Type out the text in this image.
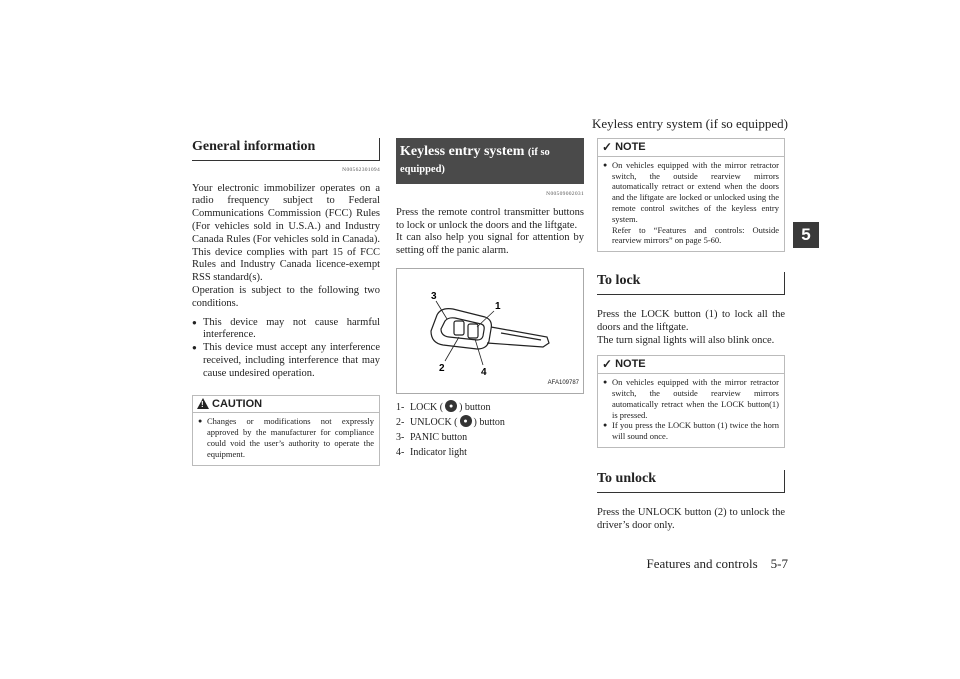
Keyless entry system (if so equipped)
5
Features and controls    5-7
General information
N00562301094

Your electronic immobilizer operates on a radio frequency subject to Federal Communications Commission (FCC) Rules (For vehicles sold in U.S.A.) and Industry Canada Rules (For vehicles sold in Canada). This device complies with part 15 of FCC Rules and Industry Canada licence-exempt RSS standard(s).

Operation is subject to the following two conditions.

● This device may not cause harmful interference.
● This device must accept any interference received, including interference that may cause undesired operation.
!
CAUTION
● Changes or modifications not expressly approved by the manufacturer for compliance could void the user’s authority to operate the equipment.
Keyless entry system (if so equipped)
N00509002031

Press the remote control transmitter buttons to lock or unlock the doors and the liftgate.

It can also help you signal for attention by setting off the panic alarm.

3
1
2	4
AFA109787
1- LOCK ( ● ) button
2- UNLOCK ( ● ) button
3- PANIC button
4- Indicator light
✓ NOTE
● On vehicles equipped with the mirror retractor switch, the outside rearview mirrors automatically retract or extend when the doors and the liftgate are locked or unlocked using the remote control switches of the keyless entry system.
Refer to “Features and controls: Outside rearview mirrors” on page 5-60.
To lock

Press the LOCK button (1) to lock all the doors and the liftgate.

The turn signal lights will also blink once.

✓ NOTE
● On vehicles equipped with the mirror retractor switch, the outside rearview mirrors automatically retract when the LOCK button(1) is pressed.
● If you press the LOCK button (1) twice the horn will sound once.
To unlock

Press the UNLOCK button (2) to unlock the driver’s door only.
